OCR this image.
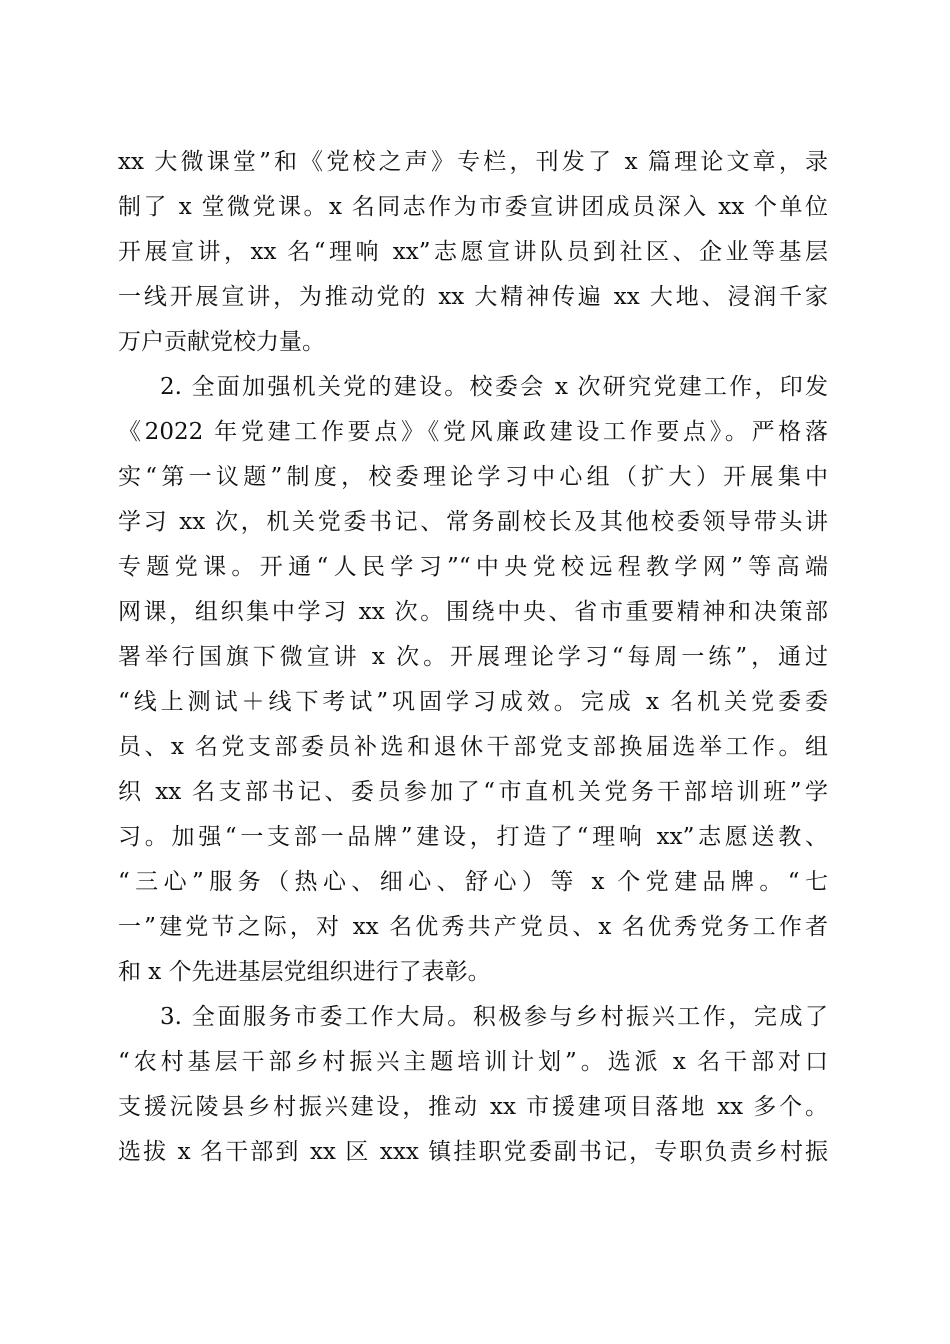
xx 大微课堂”和《党校之声》专栏，刊发了 x 篇理论文章，录
制了 x 堂微党课。x 名同志作为市委宣讲团成员深入 xx 个单位
开展宣讲，xx 名“理响 xx”志愿宣讲队员到社区、企业等基层
一线开展宣讲，为推动党的 xx 大精神传遍 xx 大地、浸润千家
万户贡献党校力量。
2. 全面加强机关党的建设。校委会 x 次研究党建工作，印发
《2022 年党建工作要点》《党风廉政建设工作要点》。严格落
实“第一议题”制度，校委理论学习中心组（扩大）开展集中
学习 xx 次，机关党委书记、常务副校长及其他校委领导带头讲
专题党课。开通“人民学习”“中央党校远程教学网”等高端
网课，组织集中学习 xx 次。围绕中央、省市重要精神和决策部
署举行国旗下微宣讲 x 次。开展理论学习“每周一练”，通过
“线上测试＋线下考试”巩固学习成效。完成 x 名机关党委委
员、x 名党支部委员补选和退休干部党支部换届选举工作。组
织 xx 名支部书记、委员参加了“市直机关党务干部培训班”学
习。加强“一支部一品牌”建设，打造了“理响 xx”志愿送教、
“三心”服务（热心、细心、舒心）等 x 个党建品牌。“七
一”建党节之际，对 xx 名优秀共产党员、x 名优秀党务工作者
和 x 个先进基层党组织进行了表彰。
3. 全面服务市委工作大局。积极参与乡村振兴工作，完成了
“农村基层干部乡村振兴主题培训计划”。选派 x 名干部对口
支援沅陵县乡村振兴建设，推动 xx 市援建项目落地 xx 多个。
选拔 x 名干部到 xx 区 xxx 镇挂职党委副书记，专职负责乡村振
